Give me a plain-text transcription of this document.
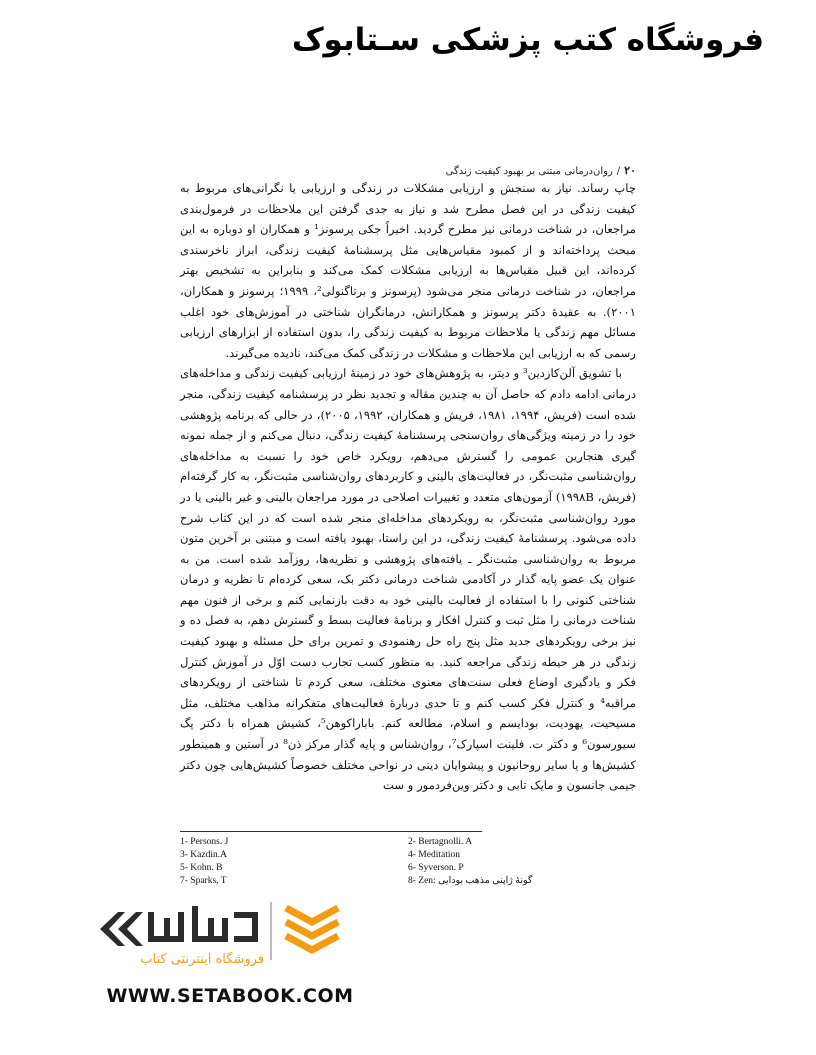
فروشگاه کتب پزشکی سـتابوک
۲۰/روان‌درمانی مبتنی بر بهبود کیفیت زندگی

چاپ رساند. نیاز به سنجش و ارزیابی مشکلات در زندگی و ارزیابی یا نگرانی‌های مربوط به کیفیت زندگی در این فصل مطرح شد و نیاز به جدی گرفتن این ملاحظات در فرمول‌بندی مراجعان، در شناخت درمانی نیز مطرح گردید. اخیراً جکی پرسونز¹ و همکاران او دوباره به این مبحث پرداخته‌اند و از کمبود مقیاس‌هایی مثل پرسشنامهٔ کیفیت زندگی، ابراز ناخرسندی کرده‌اند، این قبیل مقیاس‌ها به ارزیابی مشکلات کمک می‌کند و بنابراین به تشخیص بهتر مراجعان، در شناخت درمانی منجر می‌شود (پرسونز و برتاگنولی²، ۱۹۹۹؛ پرسونز و همکاران، ۲۰۰۱). به عقیدهٔ دکتر پرسونز و همکارانش، درمانگران شناختی در آموزش‌های خود اغلب مسائل مهم زندگی یا ملاحظات مربوط به کیفیت زندگی را، بدون استفاده از ابزارهای ارزیابی رسمی که به ارزیابی این ملاحظات و مشکلات در زندگی کمک می‌کند، نادیده می‌گیرند.

با تشویق آلن‌کازدین³ و دیتر، به پژوهش‌های خود در زمینهٔ ارزیابی کیفیت زندگی و مداخله‌های درمانی ادامه دادم که حاصل آن به چندین مقاله و تجدید نظر در پرسشنامه کیفیت زندگی، منجر شده است (فریش، ۱۹۹۴، ۱۹۸۱، فریش و همکاران، ۱۹۹۲، ۲۰۰۵)، در حالی که برنامه پژوهشی خود را در زمینه ویژگی‌های روان‌سنجی پرسشنامهٔ کیفیت زندگی، دنبال می‌کنم و از جمله نمونه گیری هنجارین عمومی را گسترش می‌دهم، رویکرد خاص خود را نسبت به مداخله‌های روان‌شناسی مثبت‌نگر، در فعالیت‌های بالینی و کاربردهای روان‌شناسی مثبت‌نگر، به کار گرفته‌ام (فریش، ۱۹۹۸B) آزمون‌های متعدد و تغییرات اصلاحی در مورد مراجعان بالینی و غیر بالینی یا در مورد روان‌شناسی مثبت‌نگر، به رویکردهای مداخله‌ای منجر شده است که در این کتاب شرح داده می‌شود. پرسشنامهٔ کیفیت زندگی، در این راستا، بهبود یافته است و مبتنی بر آخرین متون مربوط به روان‌شناسی مثبت‌نگر ـ یافته‌های پژوهشی و نظریه‌ها، روزآمد شده است. من به عنوان یک عضو پایه گذار در آکادمی شناخت درمانی دکتر بک، سعی کرده‌ام تا نظریه و درمان شناختی کنونی را با استفاده از فعالیت بالینی خود به دقت بازنمایی کنم و برخی از فنون مهم شناخت درمانی را مثل ثبت و کنترل افکار و برنامهٔ فعالیت بسط و گسترش دهم، به فصل ده و نیز برخی رویکردهای جدید مثل پنج راه حل رهنمودی و تمرین برای حل مسئله و بهبود کیفیت زندگی در هر حیطه زندگی مراجعه کنید. به منظور کسب تجارب دست اوّل در آموزش کنترل فکر و یادگیری اوضاع فعلی سنت‌های معنوی مختلف، سعی کردم تا شناختی از رویکردهای مراقبه⁴ و کنترل فکر کسب کنم و تا حدی دربارهٔ فعالیت‌های متفکرانه مذاهب مختلف، مثل مسیحیت، یهودیت، بودایسم و اسلام، مطالعه کنم. باباراکوهن⁵، کشیش همراه با دکتر پگ سیورسون⁶ و دکتر ت. فلینت اسپارک⁷، روان‌شناس و پایه گذار مرکز ذن⁸ در آستین و همینطور کشیش‌ها و یا سایر روحانیون و پیشوایان دینی در نواحی مختلف خصوصاً کشیش‌هایی چون دکتر جیمی جانسون و مایک تابی و دکتر وین‌فردمور و ست

1- Persons. J	2- Bertagnolli. A
3- Kazdin.A	4- Meditation
5- Kohn. B	6- Syverson. P
7- Sparks, T	8- Zen: گونهٔ ژاپنی مذهب بودایی
فروشگاه اینترنتی کتاب
WWW.SETABOOK.COM
